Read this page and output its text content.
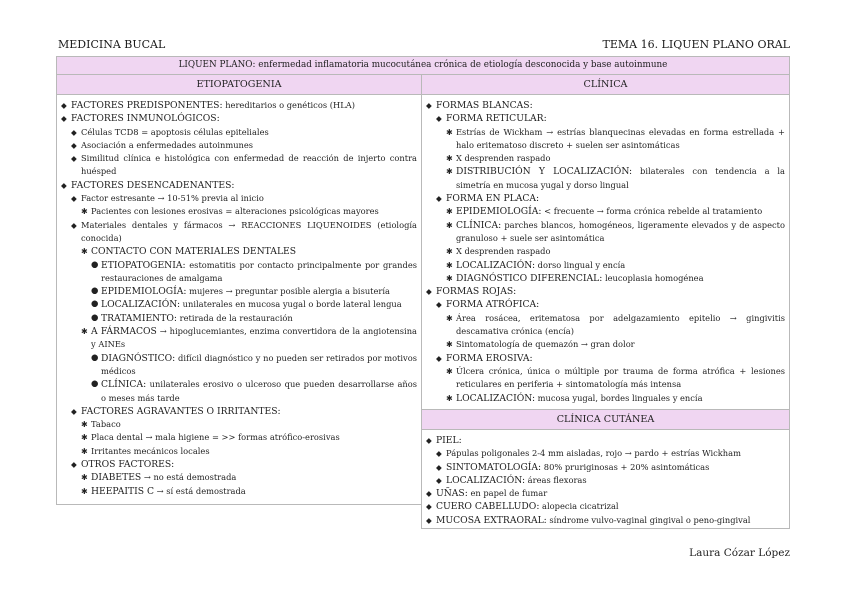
MEDICINA BUCAL	TEMA 16. LIQUEN PLANO ORAL
LIQUEN PLANO: enfermedad inflamatoria mucocutánea crónica de etiología desconocida y base autoinmune
ETIOPATOGENIA
◆ FACTORES PREDISPONENTES: hereditarios o genéticos (HLA)
◆ FACTORES INMUNOLÓGICOS:
◆ Células TCD8 = apoptosis células epiteliales
◆ Asociación a enfermedades autoinmunes
◆ Similitud clínica e histológica con enfermedad de reacción de injerto contra huésped
◆ FACTORES DESENCADENANTES:
◆ Factor estresante → 10-51% previa al inicio
✱ Pacientes con lesiones erosivas = alteraciones psicológicas mayores
◆ Materiales dentales y fármacos → REACCIONES LIQUENOIDES (etiología conocida)
✱ CONTACTO CON MATERIALES DENTALES
● ETIOPATOGENIA: estomatitis por contacto principalmente por grandes restauraciones de amalgama
● EPIDEMIOLOGÍA: mujeres → preguntar posible alergia a bisutería
● LOCALIZACIÓN: unilaterales en mucosa yugal o borde lateral lengua
● TRATAMIENTO: retirada de la restauración
✱ A FÁRMACOS → hipoglucemiantes, enzima convertidora de la angiotensina y AINEs
● DIAGNÓSTICO: difícil diagnóstico y no pueden ser retirados por motivos médicos
● CLÍNICA: unilaterales erosivo o ulceroso que pueden desarrollarse años o meses más tarde
◆ FACTORES AGRAVANTES O IRRITANTES:
✱ Tabaco
✱ Placa dental → mala higiene = >> formas atrófico-erosivas
✱ Irritantes mecánicos locales
◆ OTROS FACTORES:
✱ DIABETES → no está demostrada
✱ HEEPAITIS C → sí está demostrada
CLÍNICA
◆ FORMAS BLANCAS:
◆ FORMA RETICULAR:
✱ Estrías de Wickham → estrías blanquecinas elevadas en forma estrellada + halo eritematoso discreto + suelen ser asintomáticas
✱ X desprenden raspado
✱ DISTRIBUCIÓN Y LOCALIZACIÓN: bilaterales con tendencia a la simetría en mucosa yugal y dorso lingual
◆ FORMA EN PLACA:
✱ EPIDEMIOLOGÍA: < frecuente → forma crónica rebelde al tratamiento
✱ CLÍNICA: parches blancos, homogéneos, ligeramente elevados y de aspecto granuloso + suele ser asintomática
✱ X desprenden raspado
✱ LOCALIZACIÓN: dorso lingual y encía
✱ DIAGNÓSTICO DIFERENCIAL: leucoplasia homogénea
◆ FORMAS ROJAS:
◆ FORMA ATRÓFICA:
✱ Área rosácea, eritematosa por adelgazamiento epitelio → gingivitis descamativa crónica (encía)
✱ Sintomatología de quemazón → gran dolor
◆ FORMA EROSIVA:
✱ Úlcera crónica, única o múltiple por trauma de forma atrófica + lesiones reticulares en periferia + sintomatología más intensa
✱ LOCALIZACIÓN: mucosa yugal, bordes linguales y encía
CLÍNICA CUTÁNEA
◆ PIEL:
◆ Pápulas poligonales 2-4 mm aisladas, rojo → pardo + estrías Wickham
◆ SINTOMATOLOGÍA: 80% pruriginosas + 20% asintomáticas
◆ LOCALIZACIÓN: áreas flexoras
◆ UÑAS: en papel de fumar
◆ CUERO CABELLUDO: alopecia cicatrizal
◆ MUCOSA EXTRAORAL: síndrome vulvo-vaginal gingival o peno-gingival
Laura Cózar López
